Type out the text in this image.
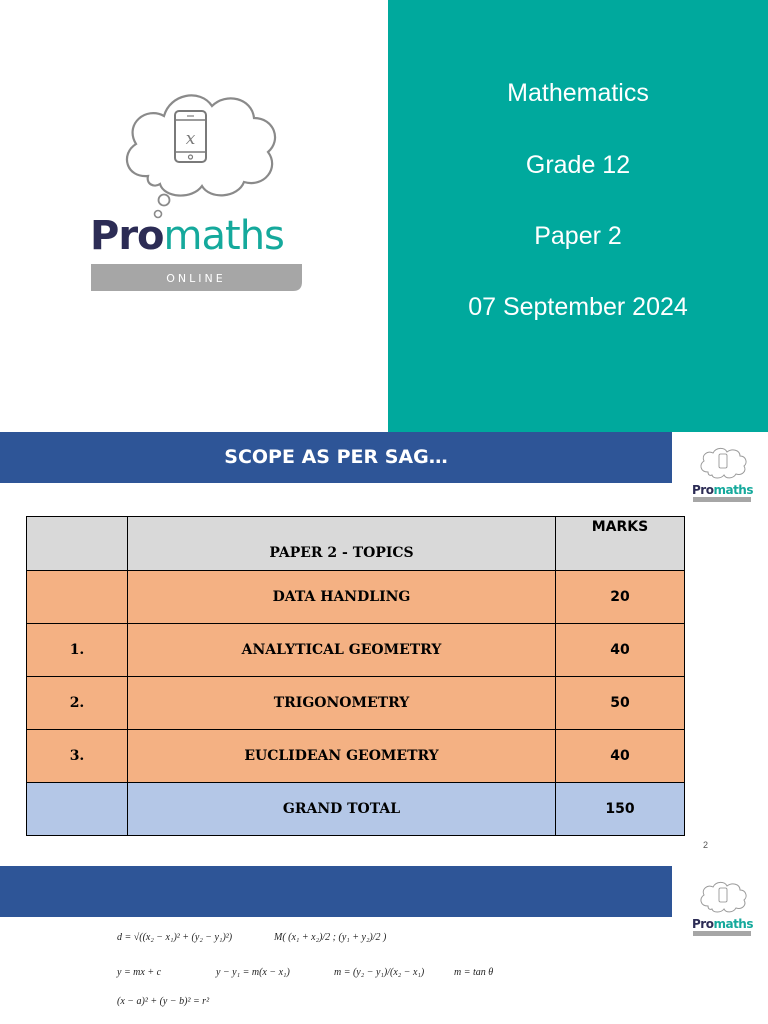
x
Promaths
ONLINE
Mathematics
Grade 12
Paper 2
07 September 2024
SCOPE AS PER SAG…
Promaths
	PAPER 2 - TOPICS	MARKS
	DATA HANDLING	20
1.	ANALYTICAL GEOMETRY	40
2.	TRIGONOMETRY	50
3.	EUCLIDEAN GEOMETRY	40
	GRAND TOTAL	150
2
Promaths
d = √((x₂ − x₁)² + (y₂ − y₁)²)	M( (x₁ + x₂)/2 ; (y₁ + y₂)/2 )
y = mx + c	y − y₁ = m(x − x₁)	m = (y₂ − y₁)/(x₂ − x₁)	m = tan θ
(x − a)² + (y − b)² = r²
